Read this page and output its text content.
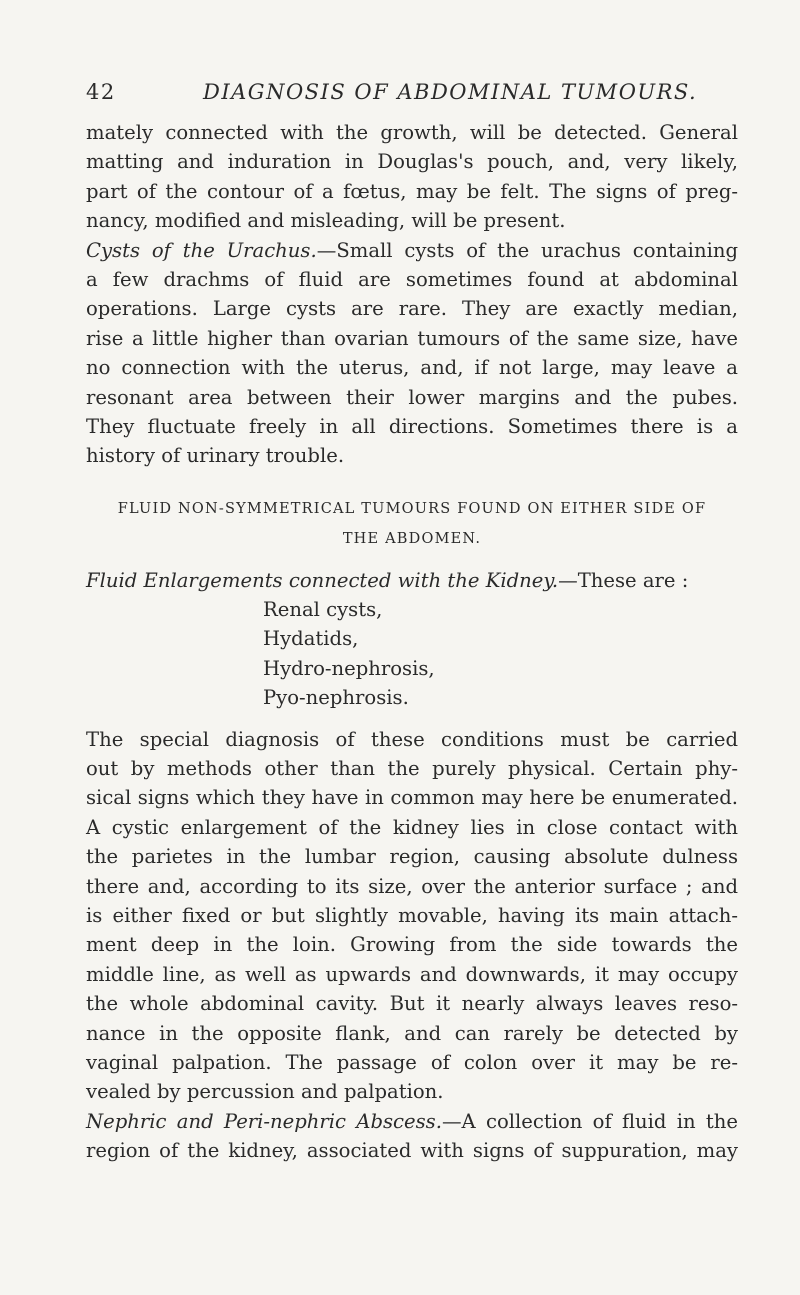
42	DIAGNOSIS OF ABDOMINAL TUMOURS.
mately connected with the growth, will be detected. General
matting and induration in Douglas's pouch, and, very likely,
part of the contour of a fœtus, may be felt. The signs of preg-
nancy, modified and misleading, will be present.
Cysts of the Urachus.—Small cysts of the urachus containing
a few drachms of fluid are sometimes found at abdominal
operations. Large cysts are rare. They are exactly median,
rise a little higher than ovarian tumours of the same size, have
no connection with the uterus, and, if not large, may leave a
resonant area between their lower margins and the pubes.
They fluctuate freely in all directions. Sometimes there is a
history of urinary trouble.
FLUID NON-SYMMETRICAL TUMOURS FOUND ON EITHER SIDE OF
THE ABDOMEN.
Fluid Enlargements connected with the Kidney.—These are :
Renal cysts,
Hydatids,
Hydro-nephrosis,
Pyo-nephrosis.
The special diagnosis of these conditions must be carried
out by methods other than the purely physical. Certain phy-
sical signs which they have in common may here be enumerated.
A cystic enlargement of the kidney lies in close contact with
the parietes in the lumbar region, causing absolute dulness
there and, according to its size, over the anterior surface ; and
is either fixed or but slightly movable, having its main attach-
ment deep in the loin. Growing from the side towards the
middle line, as well as upwards and downwards, it may occupy
the whole abdominal cavity. But it nearly always leaves reso-
nance in the opposite flank, and can rarely be detected by
vaginal palpation. The passage of colon over it may be re-
vealed by percussion and palpation.
Nephric and Peri-nephric Abscess.—A collection of fluid in the
region of the kidney, associated with signs of suppuration, may
